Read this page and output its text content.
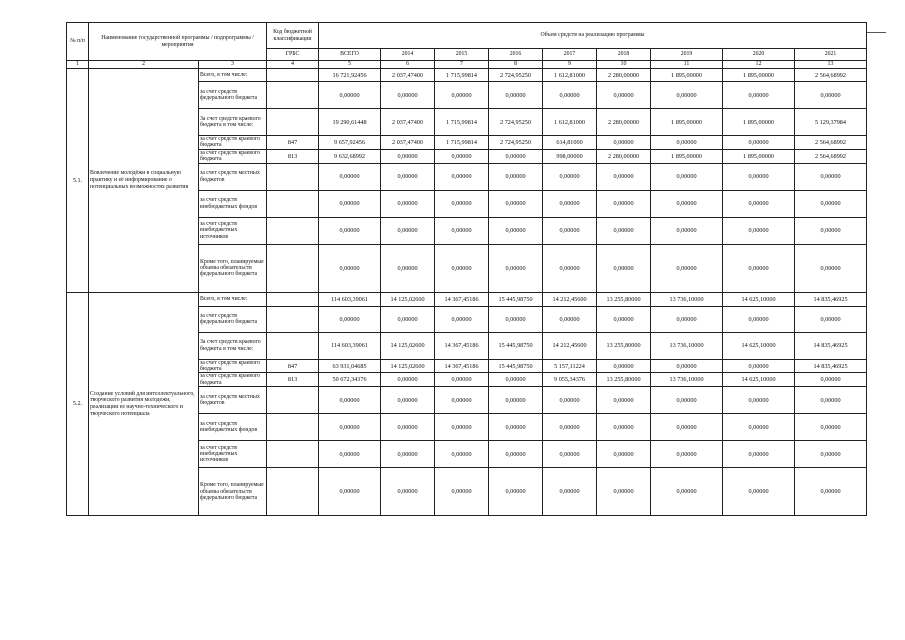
№ п/п	Наименование государственной программы / подпрограммы / мероприятия		Код бюджетной классификации	Объем средств на реализацию программы								
			ГРБС	ВСЕГО	2014	2015	2016	2017	2018	2019	2020	2021
1	2	3	4	5	6	7	8	9	10	11	12	13
5.1.	Вовлечение молодёжи в социальную практику и её информирование о потенциальных возможностях развития	Всего, в том числе:		16 721,92456	2 037,47400	1 715,99814	2 724,95250	1 612,81000	2 280,00000	1 895,00000	1 895,00000	2 564,68992
		за счет средств федерального бюджета		0,00000	0,00000	0,00000	0,00000	0,00000	0,00000	0,00000	0,00000	0,00000
		За счет средств краевого бюджета в том числе:		19 290,61448	2 037,47400	1 715,99814	2 724,95250	1 612,81000	2 280,00000	1 895,00000	1 895,00000	5 129,37984
		за счет средств краевого бюджета	847	9 657,92456	2 037,47400	1 715,99814	2 724,95250	614,81000	0,00000	0,00000	0,00000	2 564,68992
		за счет средств краевого бюджета	813	9 632,68992	0,00000	0,00000	0,00000	998,00000	2 280,00000	1 895,00000	1 895,00000	2 564,68992
		за счет средств местных бюджетов		0,00000	0,00000	0,00000	0,00000	0,00000	0,00000	0,00000	0,00000	0,00000
		за счет средств внебюджетных фондов		0,00000	0,00000	0,00000	0,00000	0,00000	0,00000	0,00000	0,00000	0,00000
		за счет средств внебюджетных источников		0,00000	0,00000	0,00000	0,00000	0,00000	0,00000	0,00000	0,00000	0,00000
		Кроме того, планируемые объемы обязательств федерального бюджета		0,00000	0,00000	0,00000	0,00000	0,00000	0,00000	0,00000	0,00000	0,00000
5.2.	Создание условий для интеллектуального, творческого развития молодежи, реализации ее научно-технического и творческого потенциала	Всего, в том числе:		114 603,39061	14 125,02600	14 367,45186	15 445,98750	14 212,45600	13 255,80000	13 736,10000	14 625,10000	14 835,46925
		за счет средств федерального бюджета		0,00000	0,00000	0,00000	0,00000	0,00000	0,00000	0,00000	0,00000	0,00000
		За счет средств краевого бюджета в том числе:		114 603,39061	14 125,02600	14 367,45186	15 445,98750	14 212,45600	13 255,80000	13 736,10000	14 625,10000	14 835,46925
		за счет средств краевого бюджета	847	63 931,04685	14 125,02600	14 367,45186	15 445,98750	5 157,11224	0,00000	0,00000	0,00000	14 835,46925
		за счет средств краевого бюджета	813	50 672,34376	0,00000	0,00000	0,00000	9 055,34376	13 255,80000	13 736,10000	14 625,10000	0,00000
		за счет средств местных бюджетов		0,00000	0,00000	0,00000	0,00000	0,00000	0,00000	0,00000	0,00000	0,00000
		за счет средств внебюджетных фондов		0,00000	0,00000	0,00000	0,00000	0,00000	0,00000	0,00000	0,00000	0,00000
		за счет средств внебюджетных источников		0,00000	0,00000	0,00000	0,00000	0,00000	0,00000	0,00000	0,00000	0,00000
		Кроме того, планируемые объемы обязательств федерального бюджета		0,00000	0,00000	0,00000	0,00000	0,00000	0,00000	0,00000	0,00000	0,00000
